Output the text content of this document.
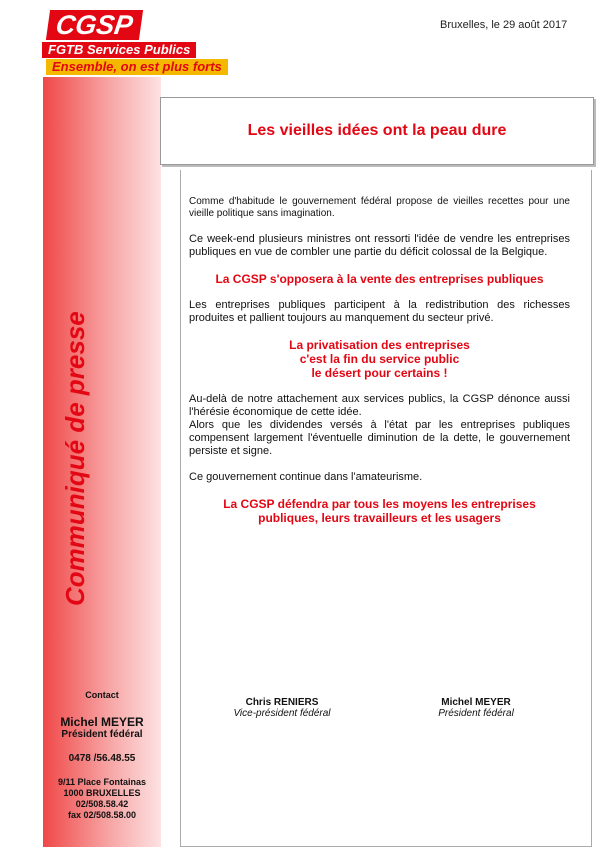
CGSP
FGTB Services Publics
Ensemble, on est plus forts
Bruxelles, le 29 août 2017
Communiqué de presse
Contact
Michel MEYER
Président fédéral
0478 /56.48.55
9/11 Place Fontainas
1000 BRUXELLES
02/508.58.42
fax 02/508.58.00
Les vieilles idées ont la peau dure

Comme d'habitude le gouvernement fédéral propose de vieilles recettes pour une vieille politique sans imagination.

Ce week-end plusieurs ministres ont ressorti l'idée de vendre les entreprises publiques en vue de combler une partie du déficit colossal de la Belgique.

La CGSP s'opposera à la vente des entreprises publiques

Les entreprises publiques participent à la redistribution des richesses produites et pallient toujours au manquement du secteur privé.

La privatisation des entreprises
c'est la fin du service public
le désert pour certains !

Au-delà de notre attachement aux services publics, la CGSP dénonce aussi l'hérésie économique de cette idée.
Alors que les dividendes versés à l'état par les entreprises publiques compensent largement l'éventuelle diminution de la dette, le gouvernement persiste et signe.

Ce gouvernement continue dans l'amateurisme.

La CGSP défendra par tous les moyens les entreprises
publiques, leurs travailleurs et les usagers

Chris RENIERS
Vice-président fédéral
Michel MEYER
Président fédéral
